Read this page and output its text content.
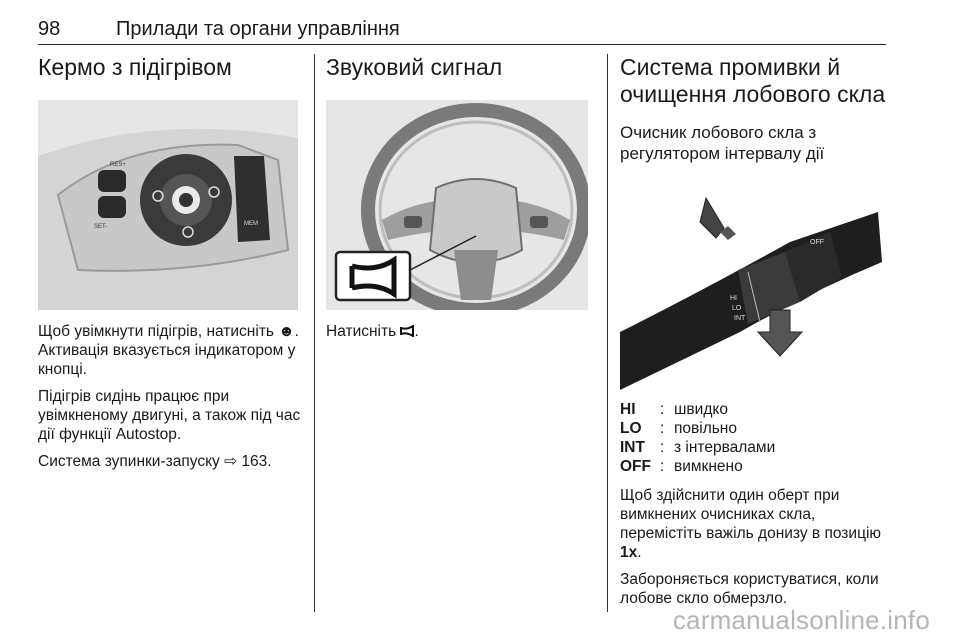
98	Прилади та органи управління
Кермо з підігрівом
RES+
SET-	MEM

Щоб увімкнути підігрів, натисніть ☻. Активація вказується індикатором у кнопці.

Підігрів сидінь працює при увімкненому двигуні, а також під час дії функції Autostop.

Система зупинки-запуску ⇨ 163.

Звуковий сигнал

Натисніть .

Система промивки й
очищення лобового скла
Очисник лобового скла з
регулятором інтервалу дії
HI
LO
INT
OFF
HI	:	швидко
LO	:	повільно
INT	:	з інтервалами
OFF	:	вимкнено

Щоб здійснити один оберт при вимкнених очисниках скла, перемістіть важіль донизу в позицію 1x.

Забороняється користуватися, коли лобове скло обмерзло.

carmanualsonline.info
